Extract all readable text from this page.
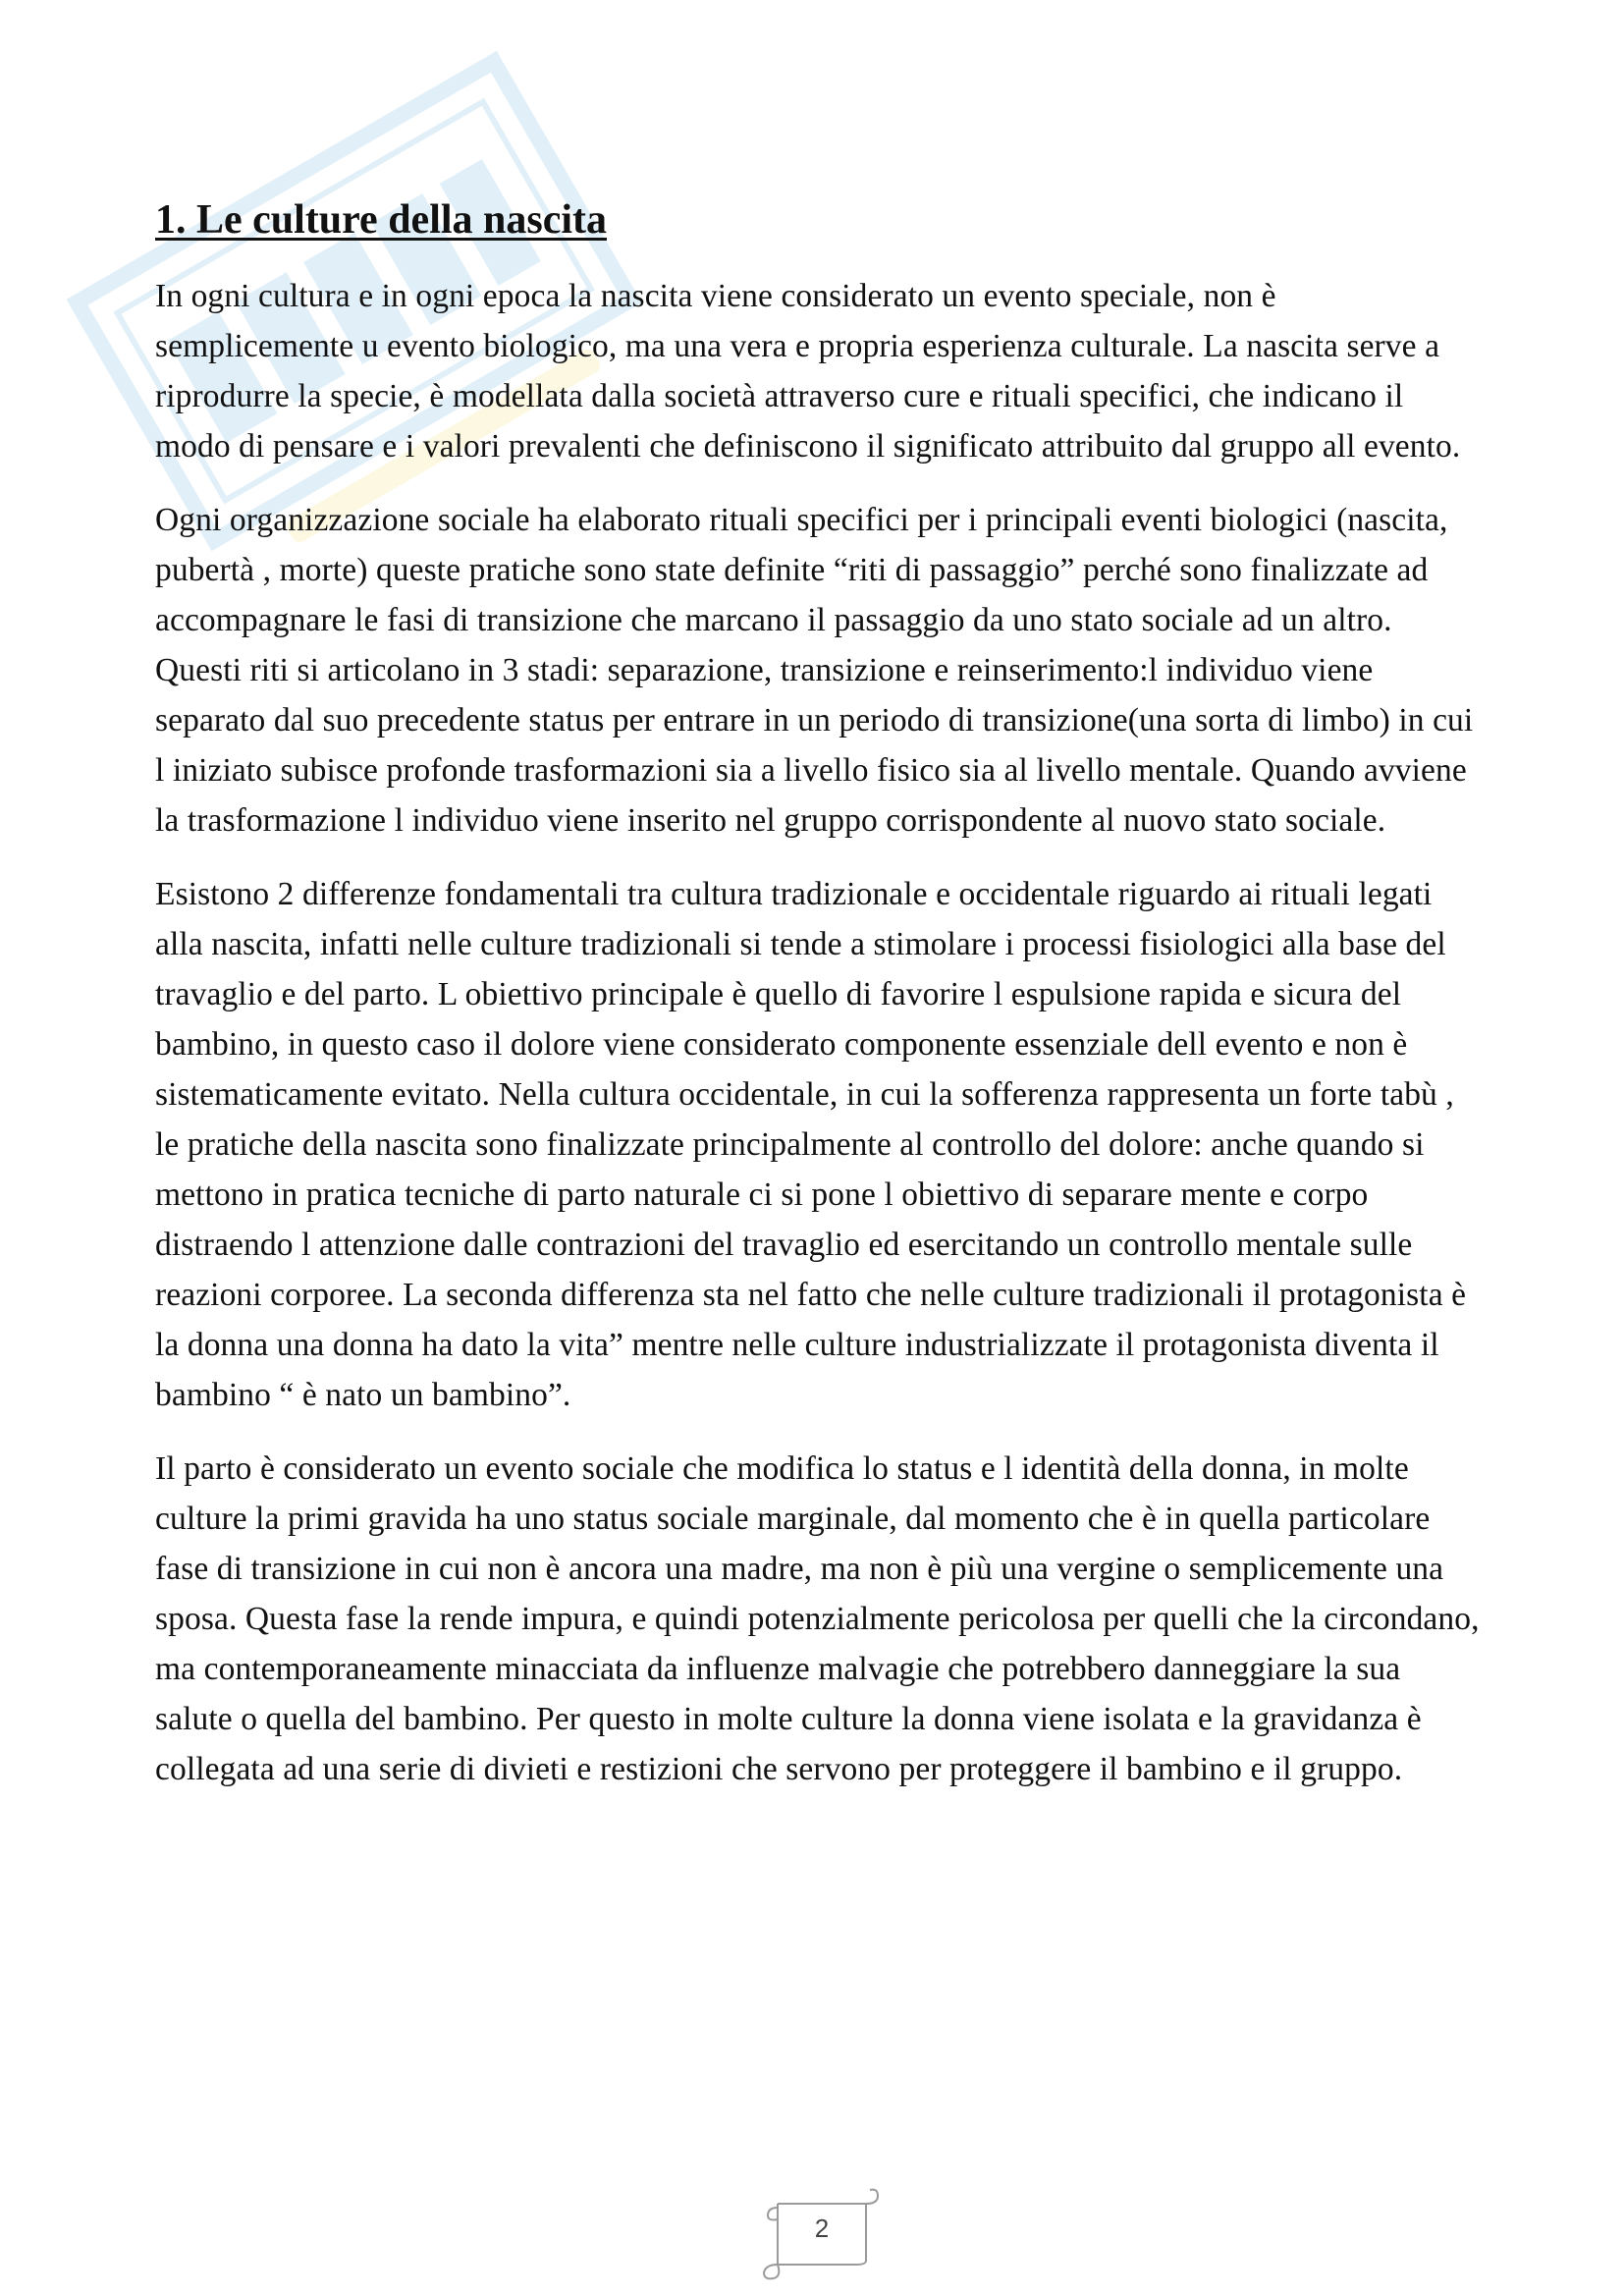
1. Le culture della nascita

In ogni cultura e in ogni epoca la nascita viene considerato un evento speciale, non è semplicemente u evento biologico, ma una vera e propria esperienza culturale. La nascita serve a riprodurre la specie, è modellata dalla società attraverso cure e rituali specifici, che indicano il modo di pensare e i valori prevalenti che definiscono il significato attribuito dal gruppo all evento.

Ogni organizzazione sociale ha elaborato rituali specifici per i principali eventi biologici (nascita, pubertà , morte) queste pratiche sono state definite “riti di passaggio” perché sono finalizzate ad accompagnare le fasi di transizione che marcano il passaggio da uno stato sociale ad un altro. Questi riti si articolano in 3 stadi: separazione, transizione e reinserimento:l individuo viene separato dal suo precedente status per entrare in un periodo di transizione(una sorta di limbo) in cui l iniziato subisce profonde trasformazioni sia a livello fisico sia al livello mentale. Quando avviene la trasformazione l individuo viene inserito nel gruppo corrispondente al nuovo stato sociale.

Esistono 2 differenze fondamentali tra cultura tradizionale e occidentale riguardo ai rituali legati alla nascita, infatti nelle culture tradizionali si tende a stimolare i processi fisiologici alla base del travaglio e del parto. L obiettivo principale è quello di favorire l espulsione rapida e sicura del bambino, in questo caso il dolore viene considerato componente essenziale dell evento e non è sistematicamente evitato. Nella cultura occidentale, in cui la sofferenza rappresenta un forte tabù , le pratiche della nascita sono finalizzate principalmente al controllo del dolore: anche quando si mettono in pratica tecniche di parto naturale ci si pone l obiettivo di separare mente e corpo distraendo l attenzione dalle contrazioni del travaglio ed esercitando un controllo mentale sulle reazioni corporee. La seconda differenza sta nel fatto che nelle culture tradizionali il protagonista è la donna una donna ha dato la vita” mentre nelle culture industrializzate il protagonista diventa il bambino “ è nato un bambino”.

Il parto è considerato un evento sociale che modifica lo status e l identità della donna, in molte culture la primi gravida ha uno status sociale marginale, dal momento che è in quella particolare fase di transizione in cui non è ancora una madre, ma non è più una vergine o semplicemente una sposa. Questa fase la rende impura, e quindi potenzialmente pericolosa per quelli che la circondano, ma contemporaneamente minacciata da influenze malvagie che potrebbero danneggiare la sua salute o quella del bambino. Per questo in molte culture la donna viene isolata e la gravidanza è collegata ad una serie di divieti e restizioni che servono per proteggere il bambino e il gruppo.

2
